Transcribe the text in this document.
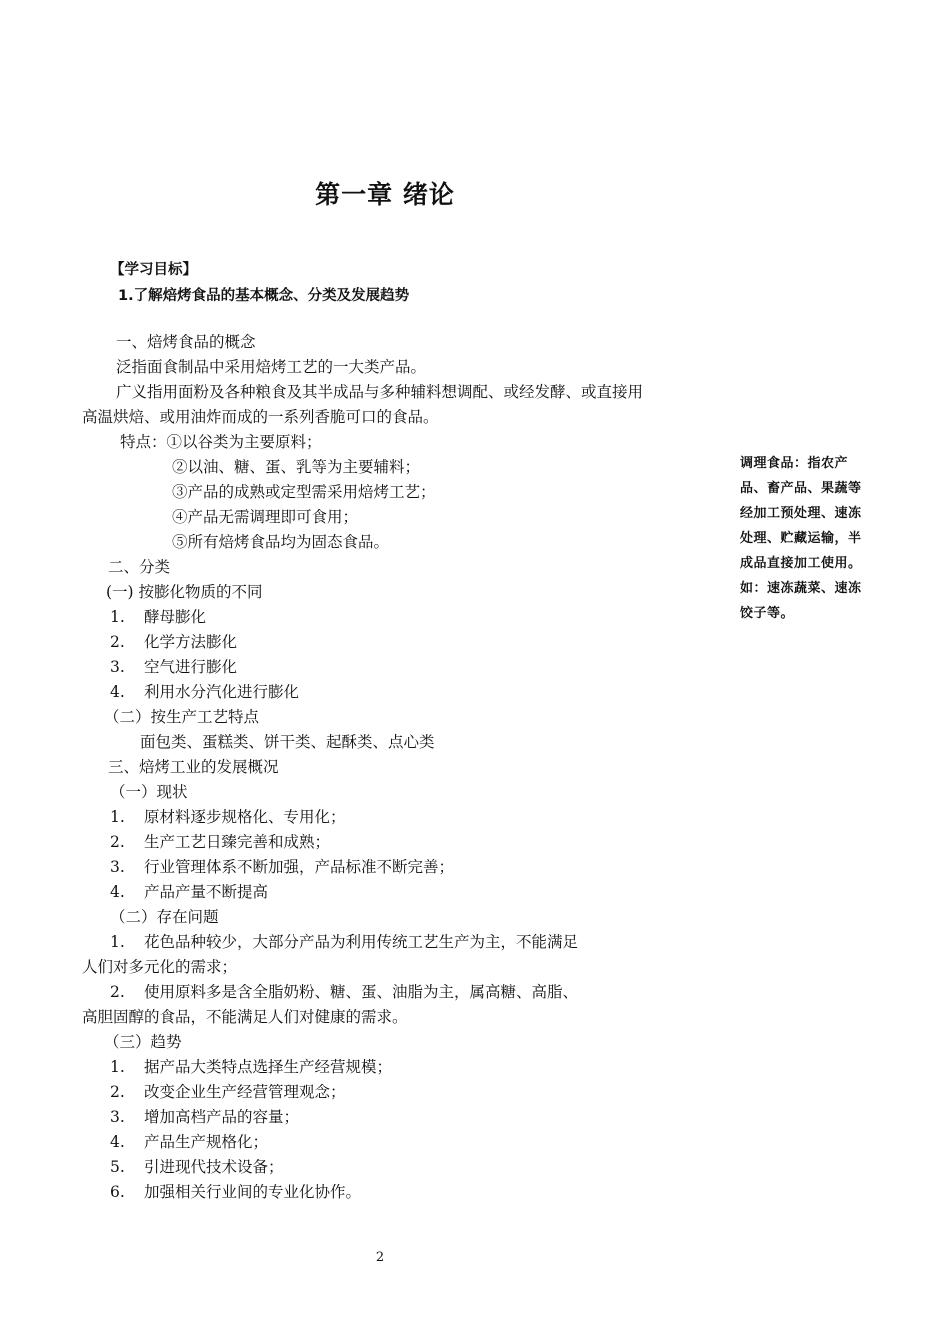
第一章 绪论
【学习目标】
1.了解焙烤食品的基本概念、分类及发展趋势
一、焙烤食品的概念
泛指面食制品中采用焙烤工艺的一大类产品。
广义指用面粉及各种粮食及其半成品与多种辅料想调配、或经发酵、或直接用
高温烘焙、或用油炸而成的一系列香脆可口的食品。
特点：①以谷类为主要原料；
②以油、糖、蛋、乳等为主要辅料；
③产品的成熟或定型需采用焙烤工艺；
④产品无需调理即可食用；
⑤所有焙烤食品均为固态食品。
二、分类
(一) 按膨化物质的不同
1. 酵母膨化
2. 化学方法膨化
3. 空气进行膨化
4. 利用水分汽化进行膨化
（二）按生产工艺特点
面包类、蛋糕类、饼干类、起酥类、点心类
三、焙烤工业的发展概况
（一）现状
1. 原材料逐步规格化、专用化；
2. 生产工艺日臻完善和成熟；
3. 行业管理体系不断加强，产品标准不断完善；
4. 产品产量不断提高
（二）存在问题
1. 花色品种较少，大部分产品为利用传统工艺生产为主，不能满足
人们对多元化的需求；
2. 使用原料多是含全脂奶粉、糖、蛋、油脂为主，属高糖、高脂、
高胆固醇的食品，不能满足人们对健康的需求。
（三）趋势
1. 据产品大类特点选择生产经营规模；
2. 改变企业生产经营管理观念；
3. 增加高档产品的容量；
4. 产品生产规格化；
5. 引进现代技术设备；
6. 加强相关行业间的专业化协作。
调理食品：指农产品、畜产品、果蔬等经加工预处理、速冻处理、贮藏运输，半成品直接加工使用。如：速冻蔬菜、速冻饺子等。
2
